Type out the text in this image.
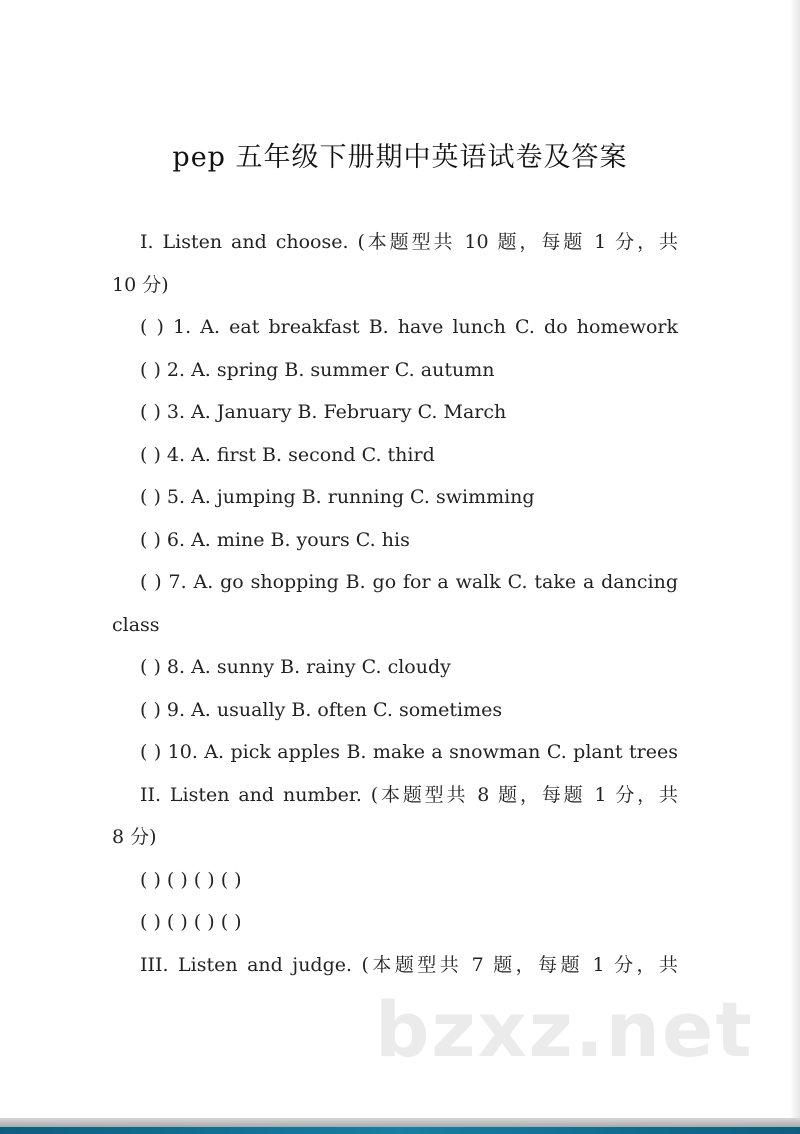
pep 五年级下册期中英语试卷及答案
I. Listen and choose. (本题型共 10 题，每题 1 分，共
10 分)
( ) 1. A. eat breakfast B. have lunch C. do homework
( ) 2. A. spring B. summer C. autumn
( ) 3. A. January B. February C. March
( ) 4. A. first B. second C. third
( ) 5. A. jumping B. running C. swimming
( ) 6. A. mine B. yours C. his
( ) 7. A. go shopping B. go for a walk C. take a dancing
class
( ) 8. A. sunny B. rainy C. cloudy
( ) 9. A. usually B. often C. sometimes
( ) 10. A. pick apples B. make a snowman C. plant trees
II. Listen and number. (本题型共 8 题，每题 1 分，共
8 分)
( ) ( ) ( ) ( )
( ) ( ) ( ) ( )
III. Listen and judge. (本题型共 7 题，每题 1 分，共
bzxz.net
